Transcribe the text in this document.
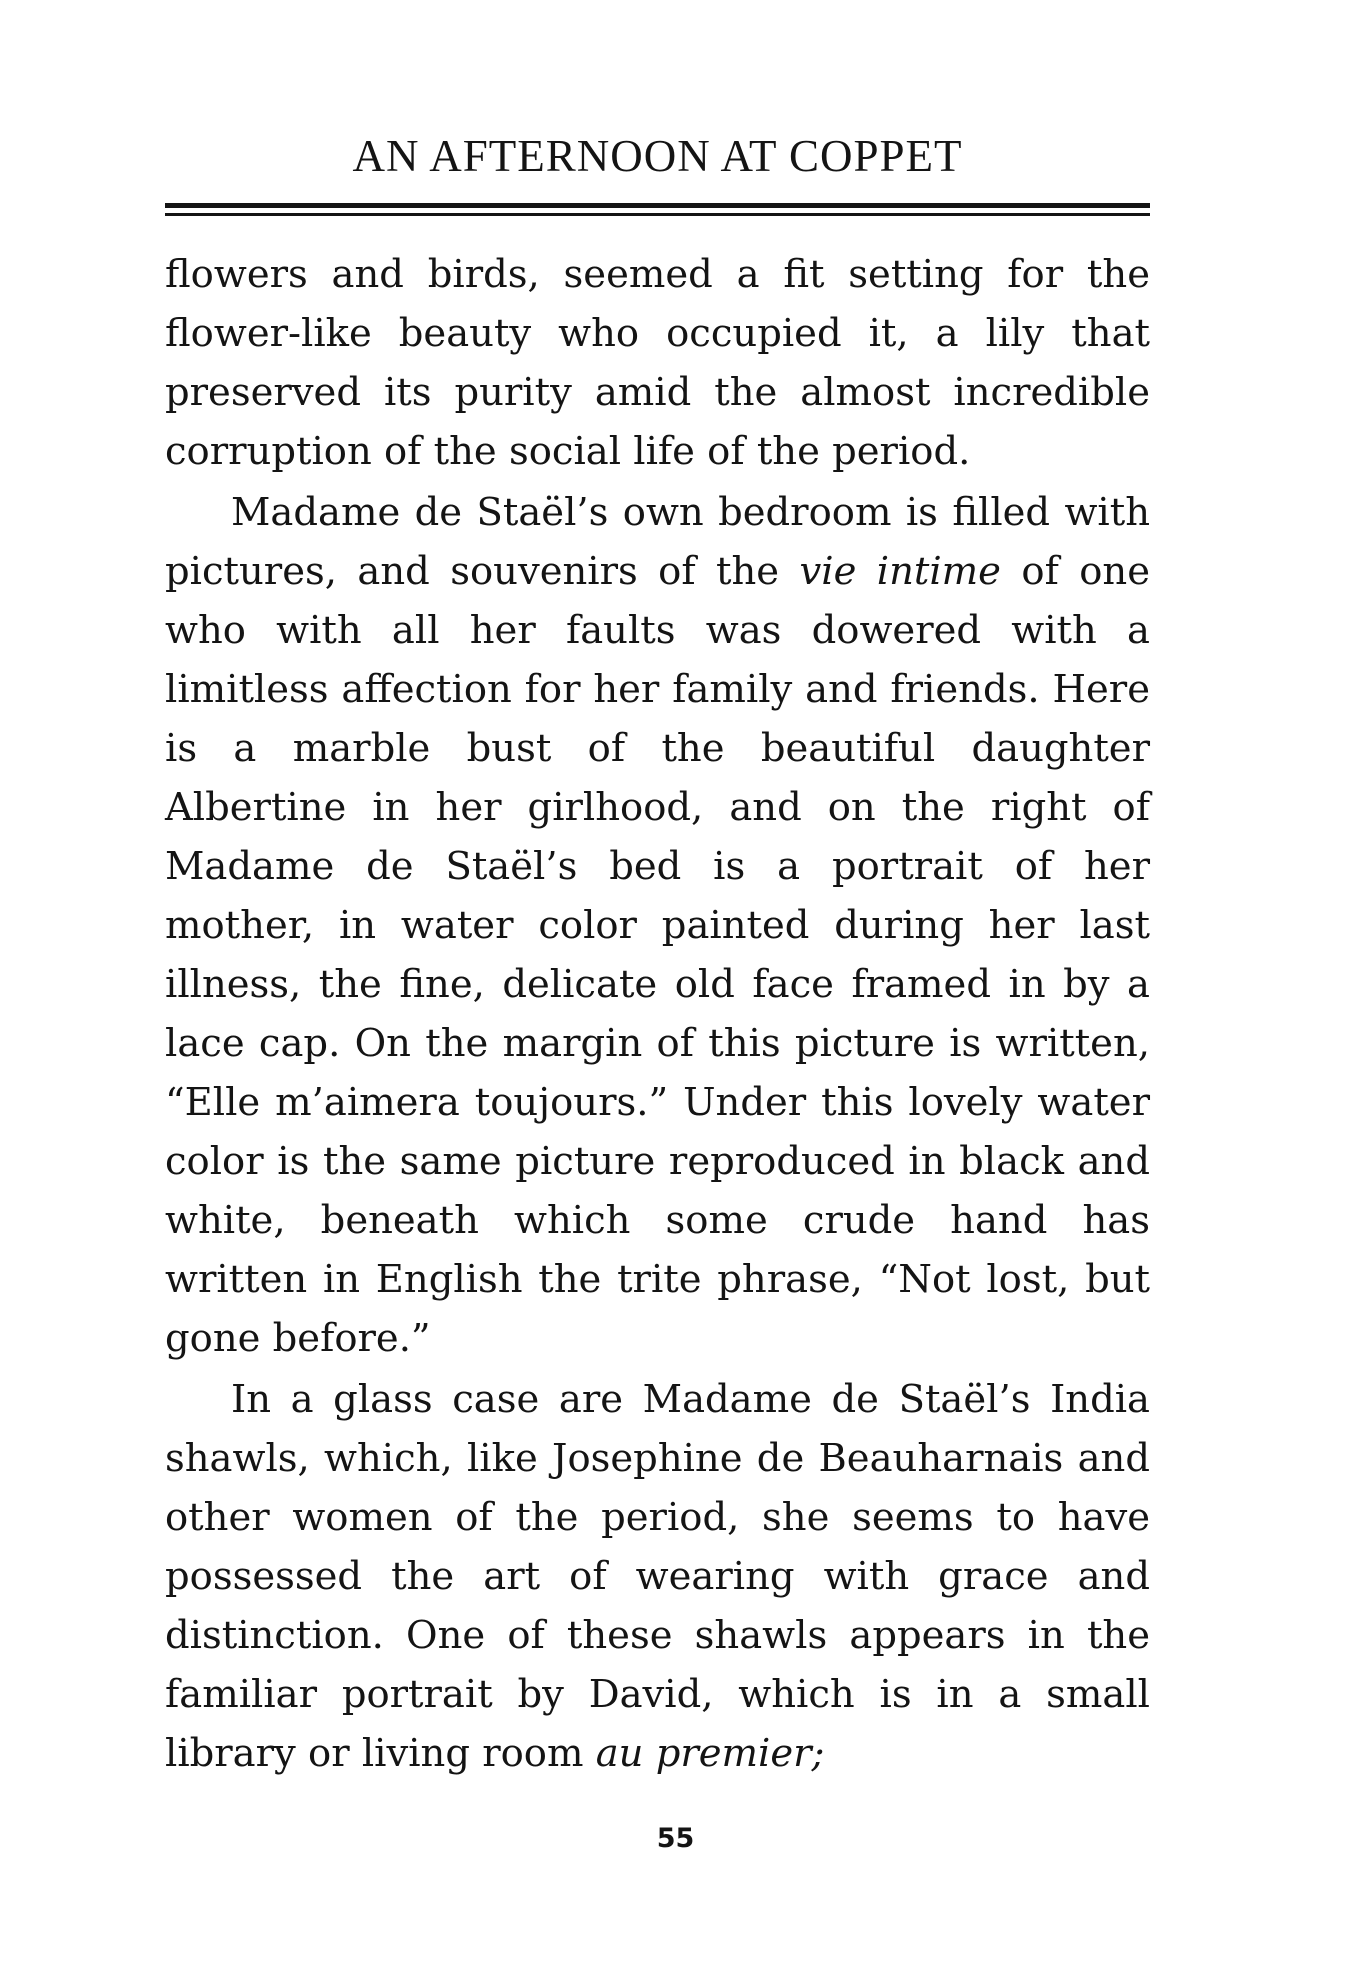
AN AFTERNOON AT COPPET

flowers and birds, seemed a fit setting for the flower-like beauty who occupied it, a lily that preserved its purity amid the almost incredible corruption of the social life of the period.

Madame de Staël’s own bedroom is filled with pictures, and souvenirs of the vie intime of one who with all her faults was dowered with a limitless affection for her family and friends. Here is a marble bust of the beautiful daughter Albertine in her girlhood, and on the right of Madame de Staël’s bed is a portrait of her mother, in water color painted during her last illness, the fine, delicate old face framed in by a lace cap. On the margin of this picture is written, “Elle m’aimera toujours.” Under this lovely water color is the same picture reproduced in black and white, beneath which some crude hand has written in English the trite phrase, “Not lost, but gone before.”

In a glass case are Madame de Staël’s India shawls, which, like Josephine de Beauharnais and other women of the period, she seems to have possessed the art of wearing with grace and distinction. One of these shawls appears in the familiar portrait by David, which is in a small library or living room au premier;

55
